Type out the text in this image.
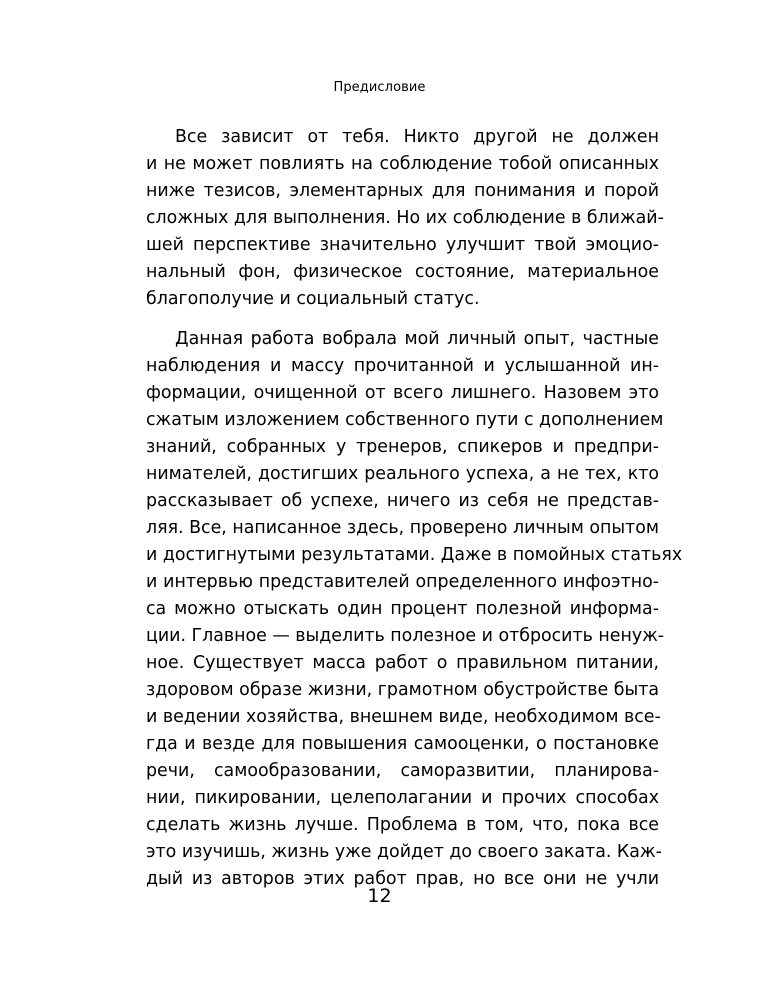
Предисловие
Все зависит от тебя. Никто другой не должен
и не может повлиять на соблюдение тобой описанных
ниже тезисов, элементарных для понимания и порой
сложных для выполнения. Но их соблюдение в ближай-
шей перспективе значительно улучшит твой эмоцио-
нальный фон, физическое состояние, материальное
благополучие и социальный статус.
Данная работа вобрала мой личный опыт, частные
наблюдения и массу прочитанной и услышанной ин-
формации, очищенной от всего лишнего. Назовем это
сжатым изложением собственного пути с дополнением
знаний, собранных у тренеров, спикеров и предпри-
нимателей, достигших реального успеха, а не тех, кто
рассказывает об успехе, ничего из себя не представ-
ляя. Все, написанное здесь, проверено личным опытом
и достигнутыми результатами. Даже в помойных статьях
и интервью представителей определенного инфоэтно-
са можно отыскать один процент полезной информа-
ции. Главное — выделить полезное и отбросить ненуж-
ное. Существует масса работ о правильном питании,
здоровом образе жизни, грамотном обустройстве быта
и ведении хозяйства, внешнем виде, необходимом все-
гда и везде для повышения самооценки, о постановке
речи, самообразовании, саморазвитии, планирова-
нии, пикировании, целеполагании и прочих способах
сделать жизнь лучше. Проблема в том, что, пока все
это изучишь, жизнь уже дойдет до своего заката. Каж-
дый из авторов этих работ прав, но все они не учли
12
